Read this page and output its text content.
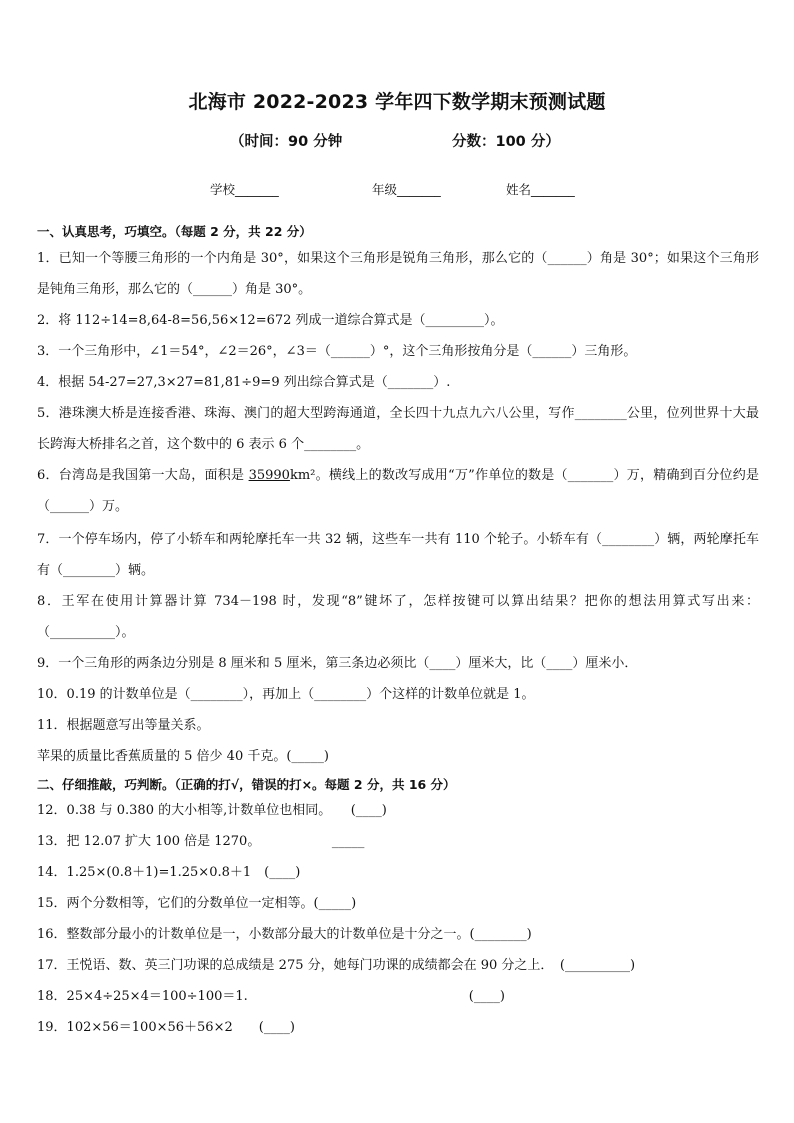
北海市 2022-2023 学年四下数学期末预测试题
（时间：90 分钟	分数：100 分）
学校_______	年级_______	姓名_______
一、认真思考，巧填空。（每题 2 分，共 22 分）
1．已知一个等腰三角形的一个内角是 30°，如果这个三角形是锐角三角形，那么它的（______）角是 30°；如果这个三角形是钝角三角形，那么它的（______）角是 30°。
2．将 112÷14=8,64-8=56,56×12=672 列成一道综合算式是（_________）。
3．一个三角形中，∠1＝54°，∠2＝26°，∠3＝（______）°，这个三角形按角分是（______）三角形。
4．根据 54-27=27,3×27=81,81÷9=9 列出综合算式是（_______）.
5．港珠澳大桥是连接香港、珠海、澳门的超大型跨海通道，全长四十九点九六八公里，写作________公里，位列世界十大最长跨海大桥排名之首，这个数中的 6 表示 6 个________。
6．台湾岛是我国第一大岛，面积是 35990km²。横线上的数改写成用“万”作单位的数是（_______）万，精确到百分位约是（______）万。
7．一个停车场内，停了小轿车和两轮摩托车一共 32 辆，这些车一共有 110 个轮子。小轿车有（________）辆，两轮摩托车有（________）辆。
8．王军在使用计算器计算 734－198 时，发现“8”键坏了，怎样按键可以算出结果？把你的想法用算式写出来：（__________）。
9．一个三角形的两条边分别是 8 厘米和 5 厘米，第三条边必须比（____）厘米大，比（____）厘米小．
10．0.19 的计数单位是（________），再加上（________）个这样的计数单位就是 1。
11．根据题意写出等量关系。
苹果的质量比香蕉质量的 5 倍少 40 千克。(_____)
二、仔细推敲，巧判断。（正确的打√，错误的打×。每题 2 分，共 16 分）
12．0.38 与 0.380 的大小相等,计数单位也相同。　　(____)
13．把 12.07 扩大 100 倍是 1270。　　　　　　_____
14．1.25×(0.8＋1)=1.25×0.8＋1　(____)
15．两个分数相等，它们的分数单位一定相等。(_____)
16．整数部分最小的计数单位是一，小数部分最大的计数单位是十分之一。(________)
17．王悦语、数、英三门功课的总成绩是 275 分，她每门功课的成绩都会在 90 分之上．　(__________)
18．25×4÷25×4＝100÷100＝1.　　　　　　　　　　　　　　　　　(____)
19．102×56＝100×56＋56×2　　(____)
